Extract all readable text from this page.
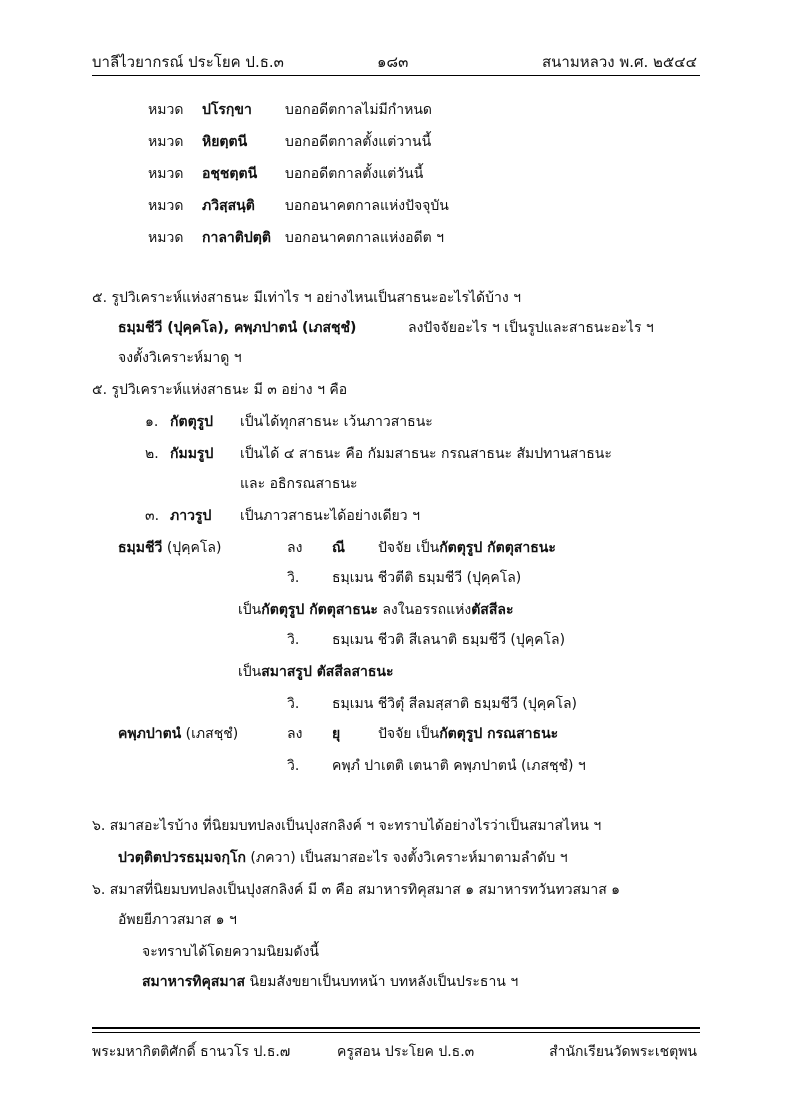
บาลีไวยากรณ์ ประโยค ป.ธ.๓	๑๘๓	สนามหลวง พ.ศ. ๒๕๔๔
หมวด ปโรกฺขา บอกอดีตกาลไม่มีกำหนด
หมวด หิยตฺตนี	บอกอดีตกาลตั้งแต่วานนี้
หมวด อชฺชตฺตนี บอกอดีตกาลตั้งแต่วันนี้
หมวด ภวิสฺสนฺติ บอกอนาคตกาลแห่งปัจจุบัน
หมวด กาลาติปตฺติ บอกอนาคตกาลแห่งอดีต ฯ
๕. รูปวิเคราะห์แห่งสาธนะ มีเท่าไร ฯ อย่างไหนเป็นสาธนะอะไรได้บ้าง ฯ
ธมฺมชีวี (ปุคฺคโล), คพฺภปาตนํ (เภสชฺชํ)	ลงปัจจัยอะไร ฯ เป็นรูปและสาธนะอะไร ฯ
จงตั้งวิเคราะห์มาดู ฯ
๕. รูปวิเคราะห์แห่งสาธนะ มี ๓ อย่าง ฯ คือ
๑. กัตตุรูป เป็นได้ทุกสาธนะ เว้นภาวสาธนะ
๒. กัมมรูป เป็นได้ ๔ สาธนะ คือ กัมมสาธนะ กรณสาธนะ สัมปทานสาธนะ
และ อธิกรณสาธนะ
๓. ภาวรูป เป็นภาวสาธนะได้อย่างเดียว ฯ
ธมฺมชีวี (ปุคฺคโล)	ลง ณี ปัจจัย เป็นกัตตุรูป กัตตุสาธนะ
วิ. ธมฺเมน ชีวตีติ ธมฺมชีวี (ปุคฺคโล)
เป็นกัตตุรูป กัตตุสาธนะ ลงในอรรถแห่งตัสสีละ
วิ. ธมฺเมน ชีวติ สีเลนาติ ธมฺมชีวี (ปุคฺคโล)
เป็นสมาสรูป ตัสสีลสาธนะ
วิ. ธมฺเมน ชีวิตุํ สีลมสฺสาติ ธมฺมชีวี (ปุคฺคโล)
คพฺภปาตนํ (เภสชฺชํ)	ลง ยุ	ปัจจัย เป็นกัตตุรูป กรณสาธนะ
วิ. คพฺภํ ปาเตติ เตนาติ คพฺภปาตนํ (เภสชฺชํ) ฯ
๖. สมาสอะไรบ้าง ที่นิยมบทปลงเป็นปุงสกลิงค์ ฯ จะทราบได้อย่างไรว่าเป็นสมาสไหน ฯ
ปวตฺติตปวรธมฺมจกฺโก (ภควา) เป็นสมาสอะไร จงตั้งวิเคราะห์มาตามลำดับ ฯ
๖. สมาสที่นิยมบทปลงเป็นปุงสกลิงค์ มี ๓ คือ สมาหารทิคุสมาส ๑ สมาหารทวันทวสมาส ๑
อัพยยีภาวสมาส ๑ ฯ
จะทราบได้โดยความนิยมดังนี้
สมาหารทิคุสมาส นิยมสังขยาเป็นบทหน้า บทหลังเป็นประธาน ฯ
พระมหากิตติศักดิ์ ธานวโร ป.ธ.๗	ครูสอน ประโยค ป.ธ.๓	สำนักเรียนวัดพระเชตุพน
